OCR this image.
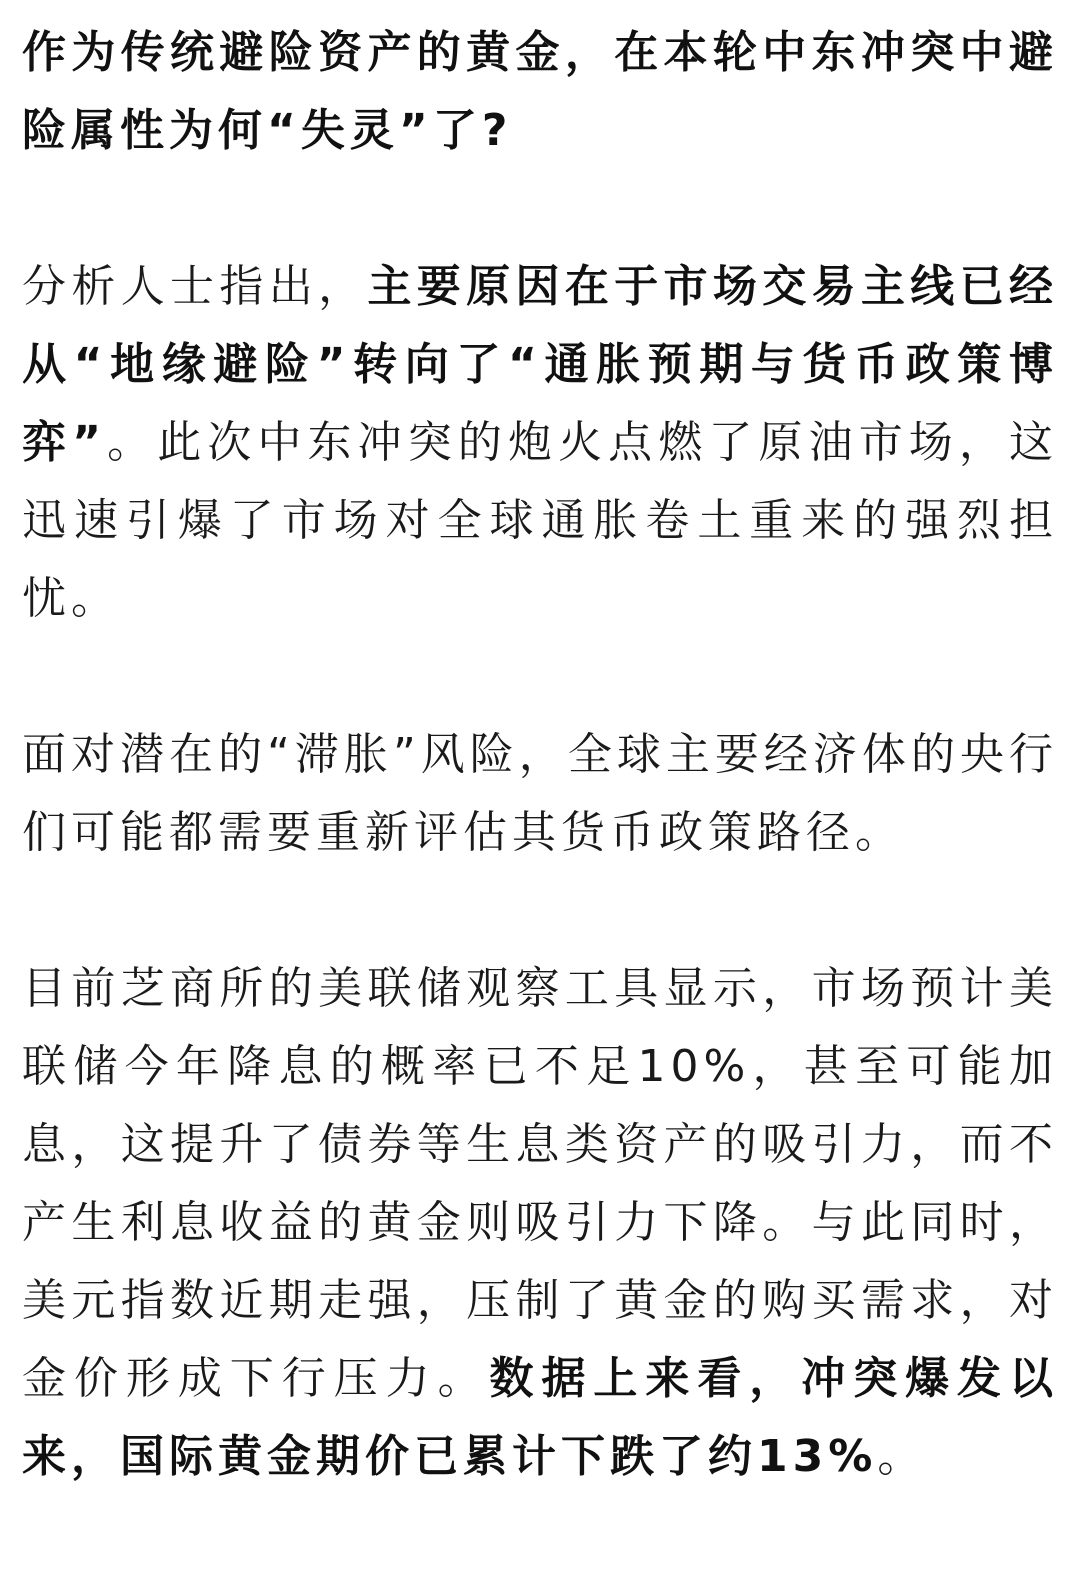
作为传统避险资产的黄金，在本轮中东冲突中避险属性为何“失灵”了?

分析人士指出，主要原因在于市场交易主线已经从“地缘避险”转向了“通胀预期与货币政策博弈”。此次中东冲突的炮火点燃了原油市场，这迅速引爆了市场对全球通胀卷土重来的强烈担忧。

面对潜在的“滞胀”风险，全球主要经济体的央行们可能都需要重新评估其货币政策路径。

目前芝商所的美联储观察工具显示，市场预计美联储今年降息的概率已不足10%，甚至可能加息，这提升了债券等生息类资产的吸引力，而不产生利息收益的黄金则吸引力下降。与此同时，美元指数近期走强，压制了黄金的购买需求，对金价形成下行压力。数据上来看，冲突爆发以来，国际黄金期价已累计下跌了约13%。
